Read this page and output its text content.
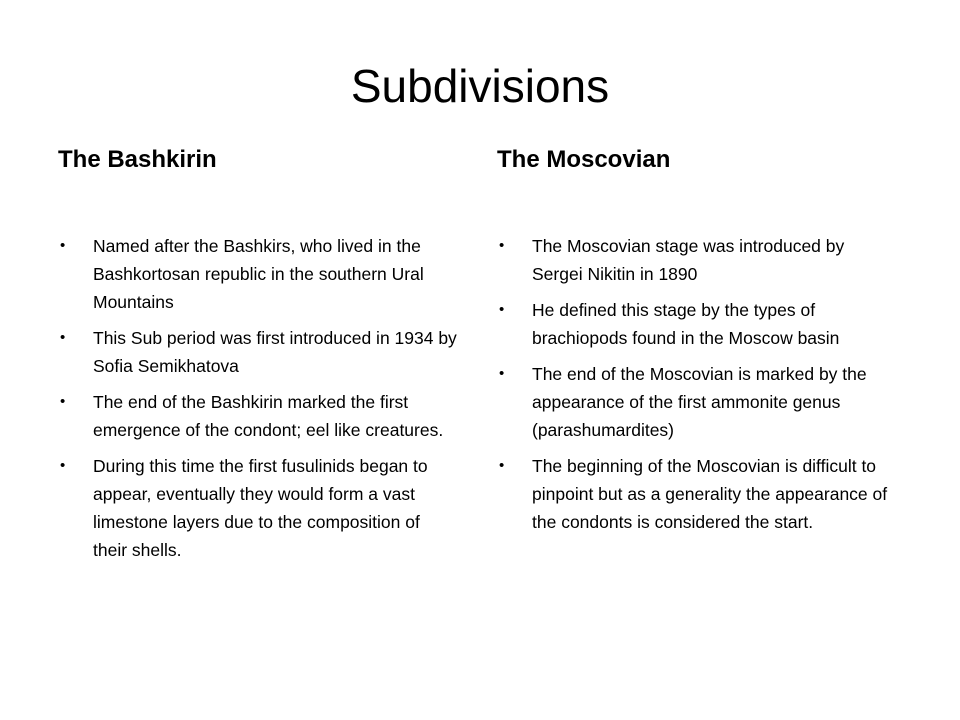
Subdivisions
The Bashkirin
• Named after the Bashkirs, who lived in the Bashkortosan republic in the southern Ural Mountains
• This Sub period was first introduced in 1934 by Sofia Semikhatova
• The end of the Bashkirin marked the first emergence of the condont; eel like creatures.
• During this time the first fusulinids began to appear, eventually they would form a vast limestone layers due to the composition of their shells.
The Moscovian
• The Moscovian stage was introduced by Sergei Nikitin in 1890
• He defined this stage by the types of brachiopods found in the Moscow basin
• The end of the Moscovian is marked by the appearance of the first ammonite genus (parashumardites)
• The beginning of the Moscovian is difficult to pinpoint but as a generality the appearance of the condonts is considered the start.
